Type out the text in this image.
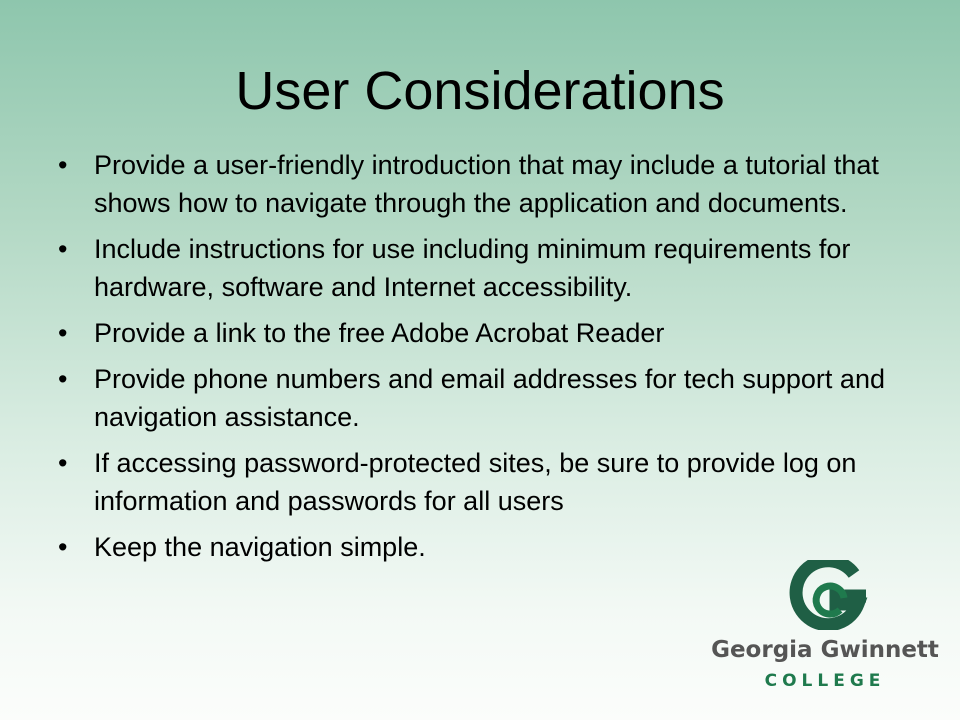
User Considerations
• Provide a user-friendly introduction that may include a tutorial that shows how to navigate through the application and documents.
• Include instructions for use including minimum requirements for hardware, software and Internet accessibility.
• Provide a link to the free Adobe Acrobat Reader
• Provide phone numbers and email addresses for tech support and navigation assistance.
• If accessing password-protected sites, be sure to provide log on information and passwords for all users
• Keep the navigation simple.
Georgia Gwinnett
COLLEGE
